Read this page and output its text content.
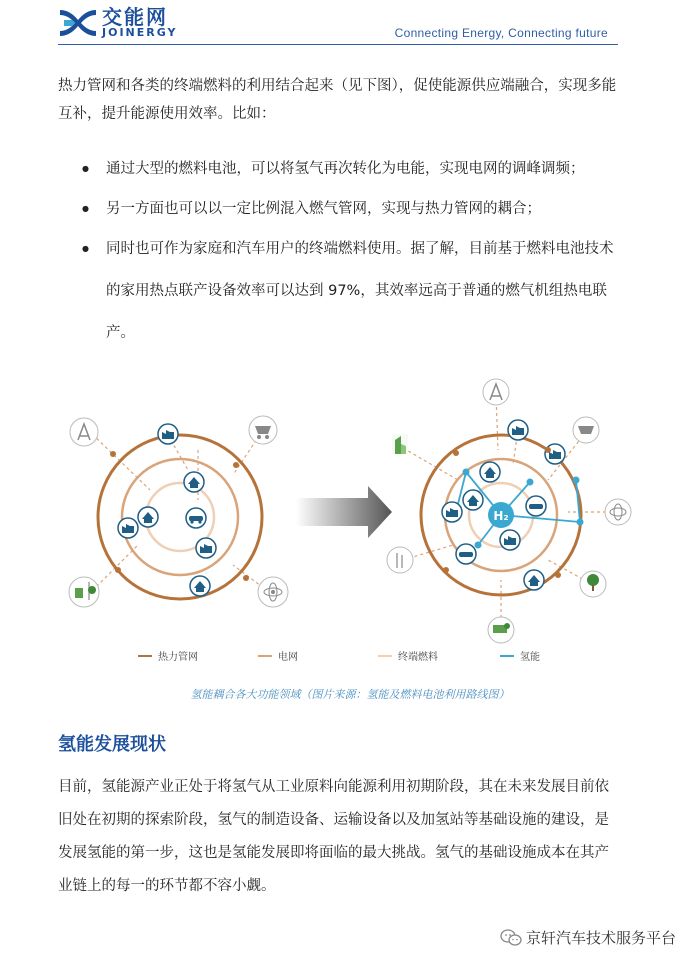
交能网
JOINERGY	Connecting Energy, Connecting future

热力管网和各类的终端燃料的利用结合起来（见下图），促使能源供应端融合，实现多能互补，提升能源使用效率。比如：

● 通过大型的燃料电池，可以将氢气再次转化为电能，实现电网的调峰调频；
● 另一方面也可以以一定比例混入燃气管网，实现与热力管网的耦合；
● 同时也可作为家庭和汽车用户的终端燃料使用。据了解，目前基于燃料电池技术的家用热点联产设备效率可以达到 97%，其效率远高于普通的燃气机组热电联产。
H₂
热力管网	电网	终端燃料	氢能
氢能耦合各大功能领域（图片来源：氢能及燃料电池利用路线图）
氢能发展现状

目前，氢能源产业正处于将氢气从工业原料向能源利用初期阶段，其在未来发展目前依旧处在初期的探索阶段，氢气的制造设备、运输设备以及加氢站等基础设施的建设，是发展氢能的第一步，这也是氢能发展即将面临的最大挑战。氢气的基础设施成本在其产业链上的每一的环节都不容小觑。

京轩汽车技术服务平台
